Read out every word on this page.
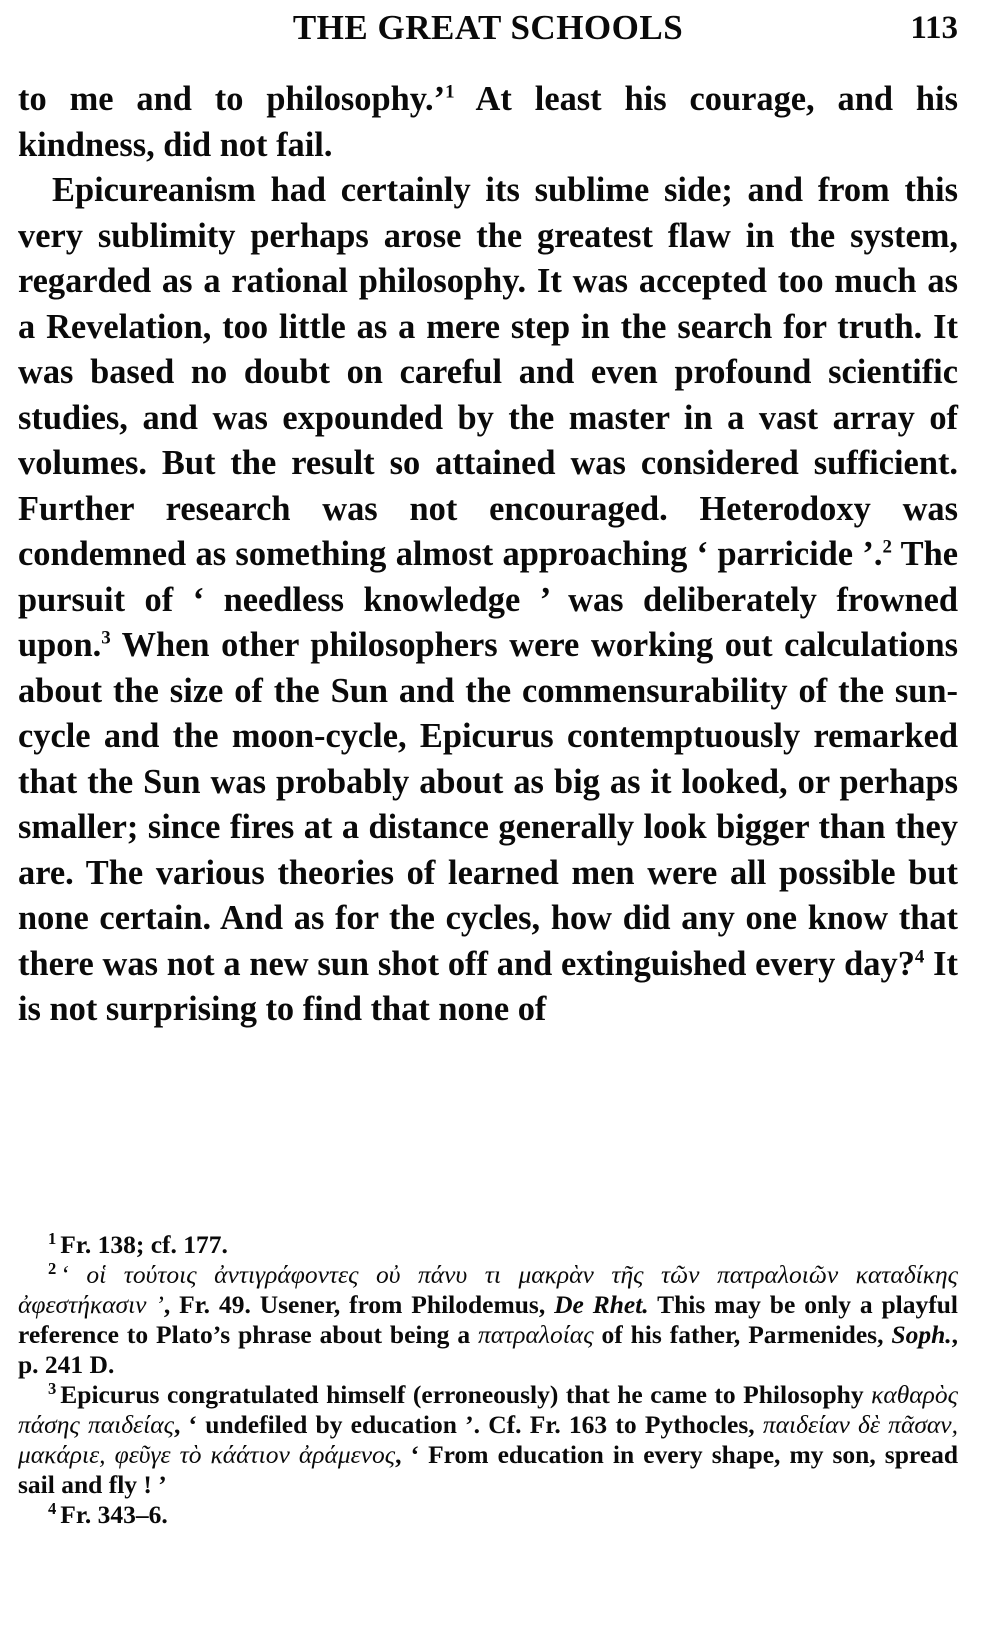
THE GREAT SCHOOLS	113

to me and to philosophy.’$^1$ At least his courage, and his kindness, did not fail.

Epicureanism had certainly its sublime side; and from this very sublimity perhaps arose the greatest flaw in the system, regarded as a rational philosophy. It was accepted too much as a Revelation, too little as a mere step in the search for truth. It was based no doubt on careful and even profound scientific studies, and was expounded by the master in a vast array of volumes. But the result so attained was considered sufficient. Further research was not encouraged. Heterodoxy was condemned as something almost approaching ‘ parricide ’.$^2$ The pursuit of ‘ needless knowledge ’ was deliberately frowned upon.$^3$ When other philosophers were working out calculations about the size of the Sun and the commensurability of the sun-cycle and the moon-cycle, Epicurus contemptuously remarked that the Sun was probably about as big as it looked, or perhaps smaller; since fires at a distance generally look bigger than they are. The various theories of learned men were all possible but none certain. And as for the cycles, how did any one know that there was not a new sun shot off and extinguished every day?$^4$ It is not surprising to find that none of

$^1$ Fr. 138; cf. 177.

$^2$ ‘ οἱ τούτοις ἀντιγράφοντες οὐ πάνυ τι μακρὰν τῆς τῶν πατραλοιῶν καταδίκης ἀφεστήκασιν ’, Fr. 49. Usener, from Philodemus, De Rhet. This may be only a playful reference to Plato’s phrase about being a πατραλοίας of his father, Parmenides, Soph., p. 241 D.

$^3$ Epicurus congratulated himself (erroneously) that he came to Philosophy καθαρὸς πάσης παιδείας, ‘ undefiled by education ’. Cf. Fr. 163 to Pythocles, παιδείαν δὲ πᾶσαν, μακάριε, φεῦγε τὸ κάάτιον ἀράμενος, ‘ From education in every shape, my son, spread sail and fly ! ’

$^4$ Fr. 343–6.
